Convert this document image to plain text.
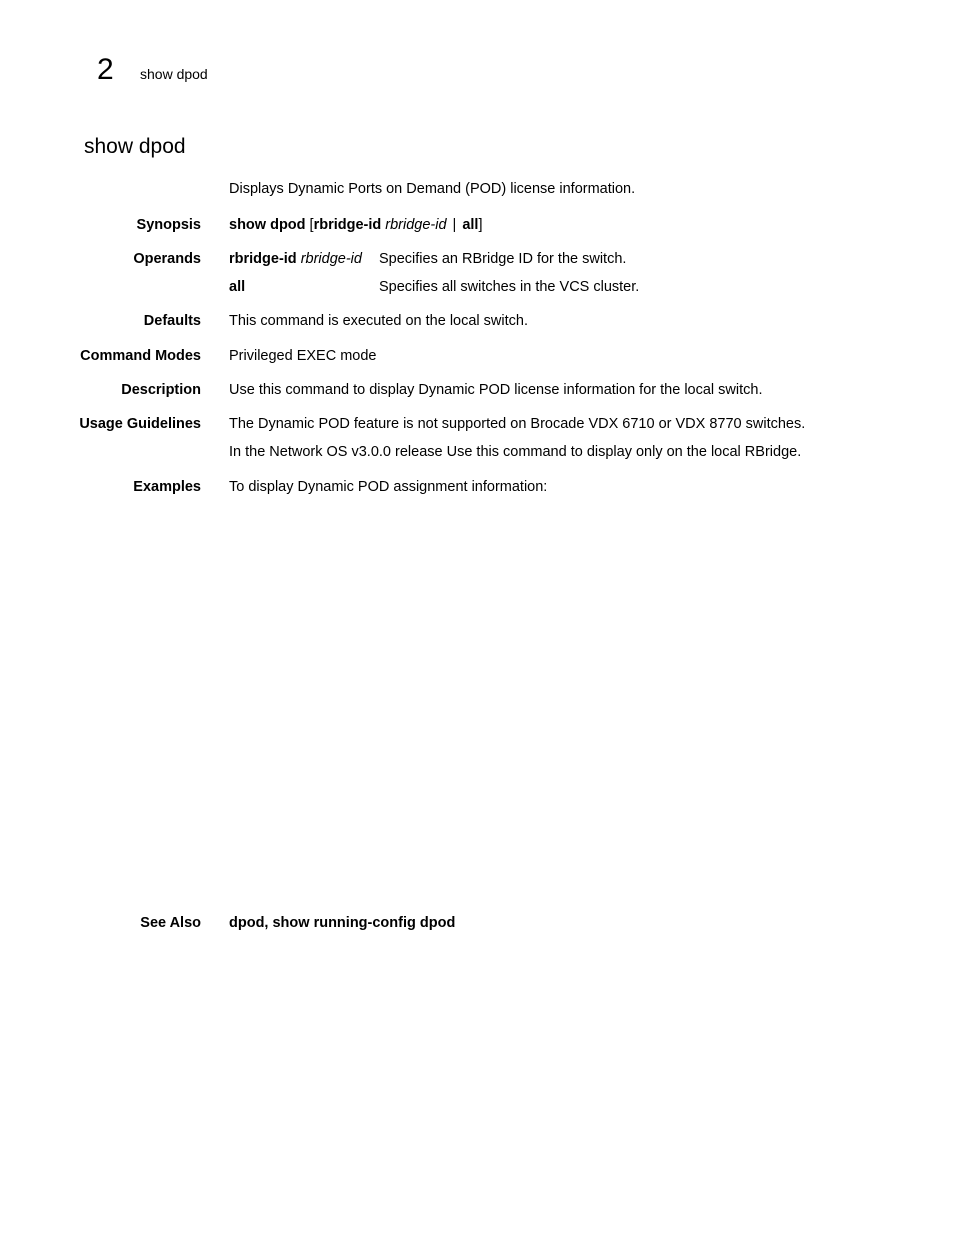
2 show dpod
show dpod
Displays Dynamic Ports on Demand (POD) license information.
Synopsis show dpod [rbridge-id rbridge-id | all]
Operands rbridge-id rbridge-id Specifies an RBridge ID for the switch.
all	Specifies all switches in the VCS cluster.
Defaults This command is executed on the local switch.
Command Modes Privileged EXEC mode
Description Use this command to display Dynamic POD license information for the local switch.
Usage Guidelines The Dynamic POD feature is not supported on Brocade VDX 6710 or VDX 8770 switches.
In the Network OS v3.0.0 release Use this command to display only on the local RBridge.
Examples To display Dynamic POD assignment information:
See Also dpod, show running-config dpod
